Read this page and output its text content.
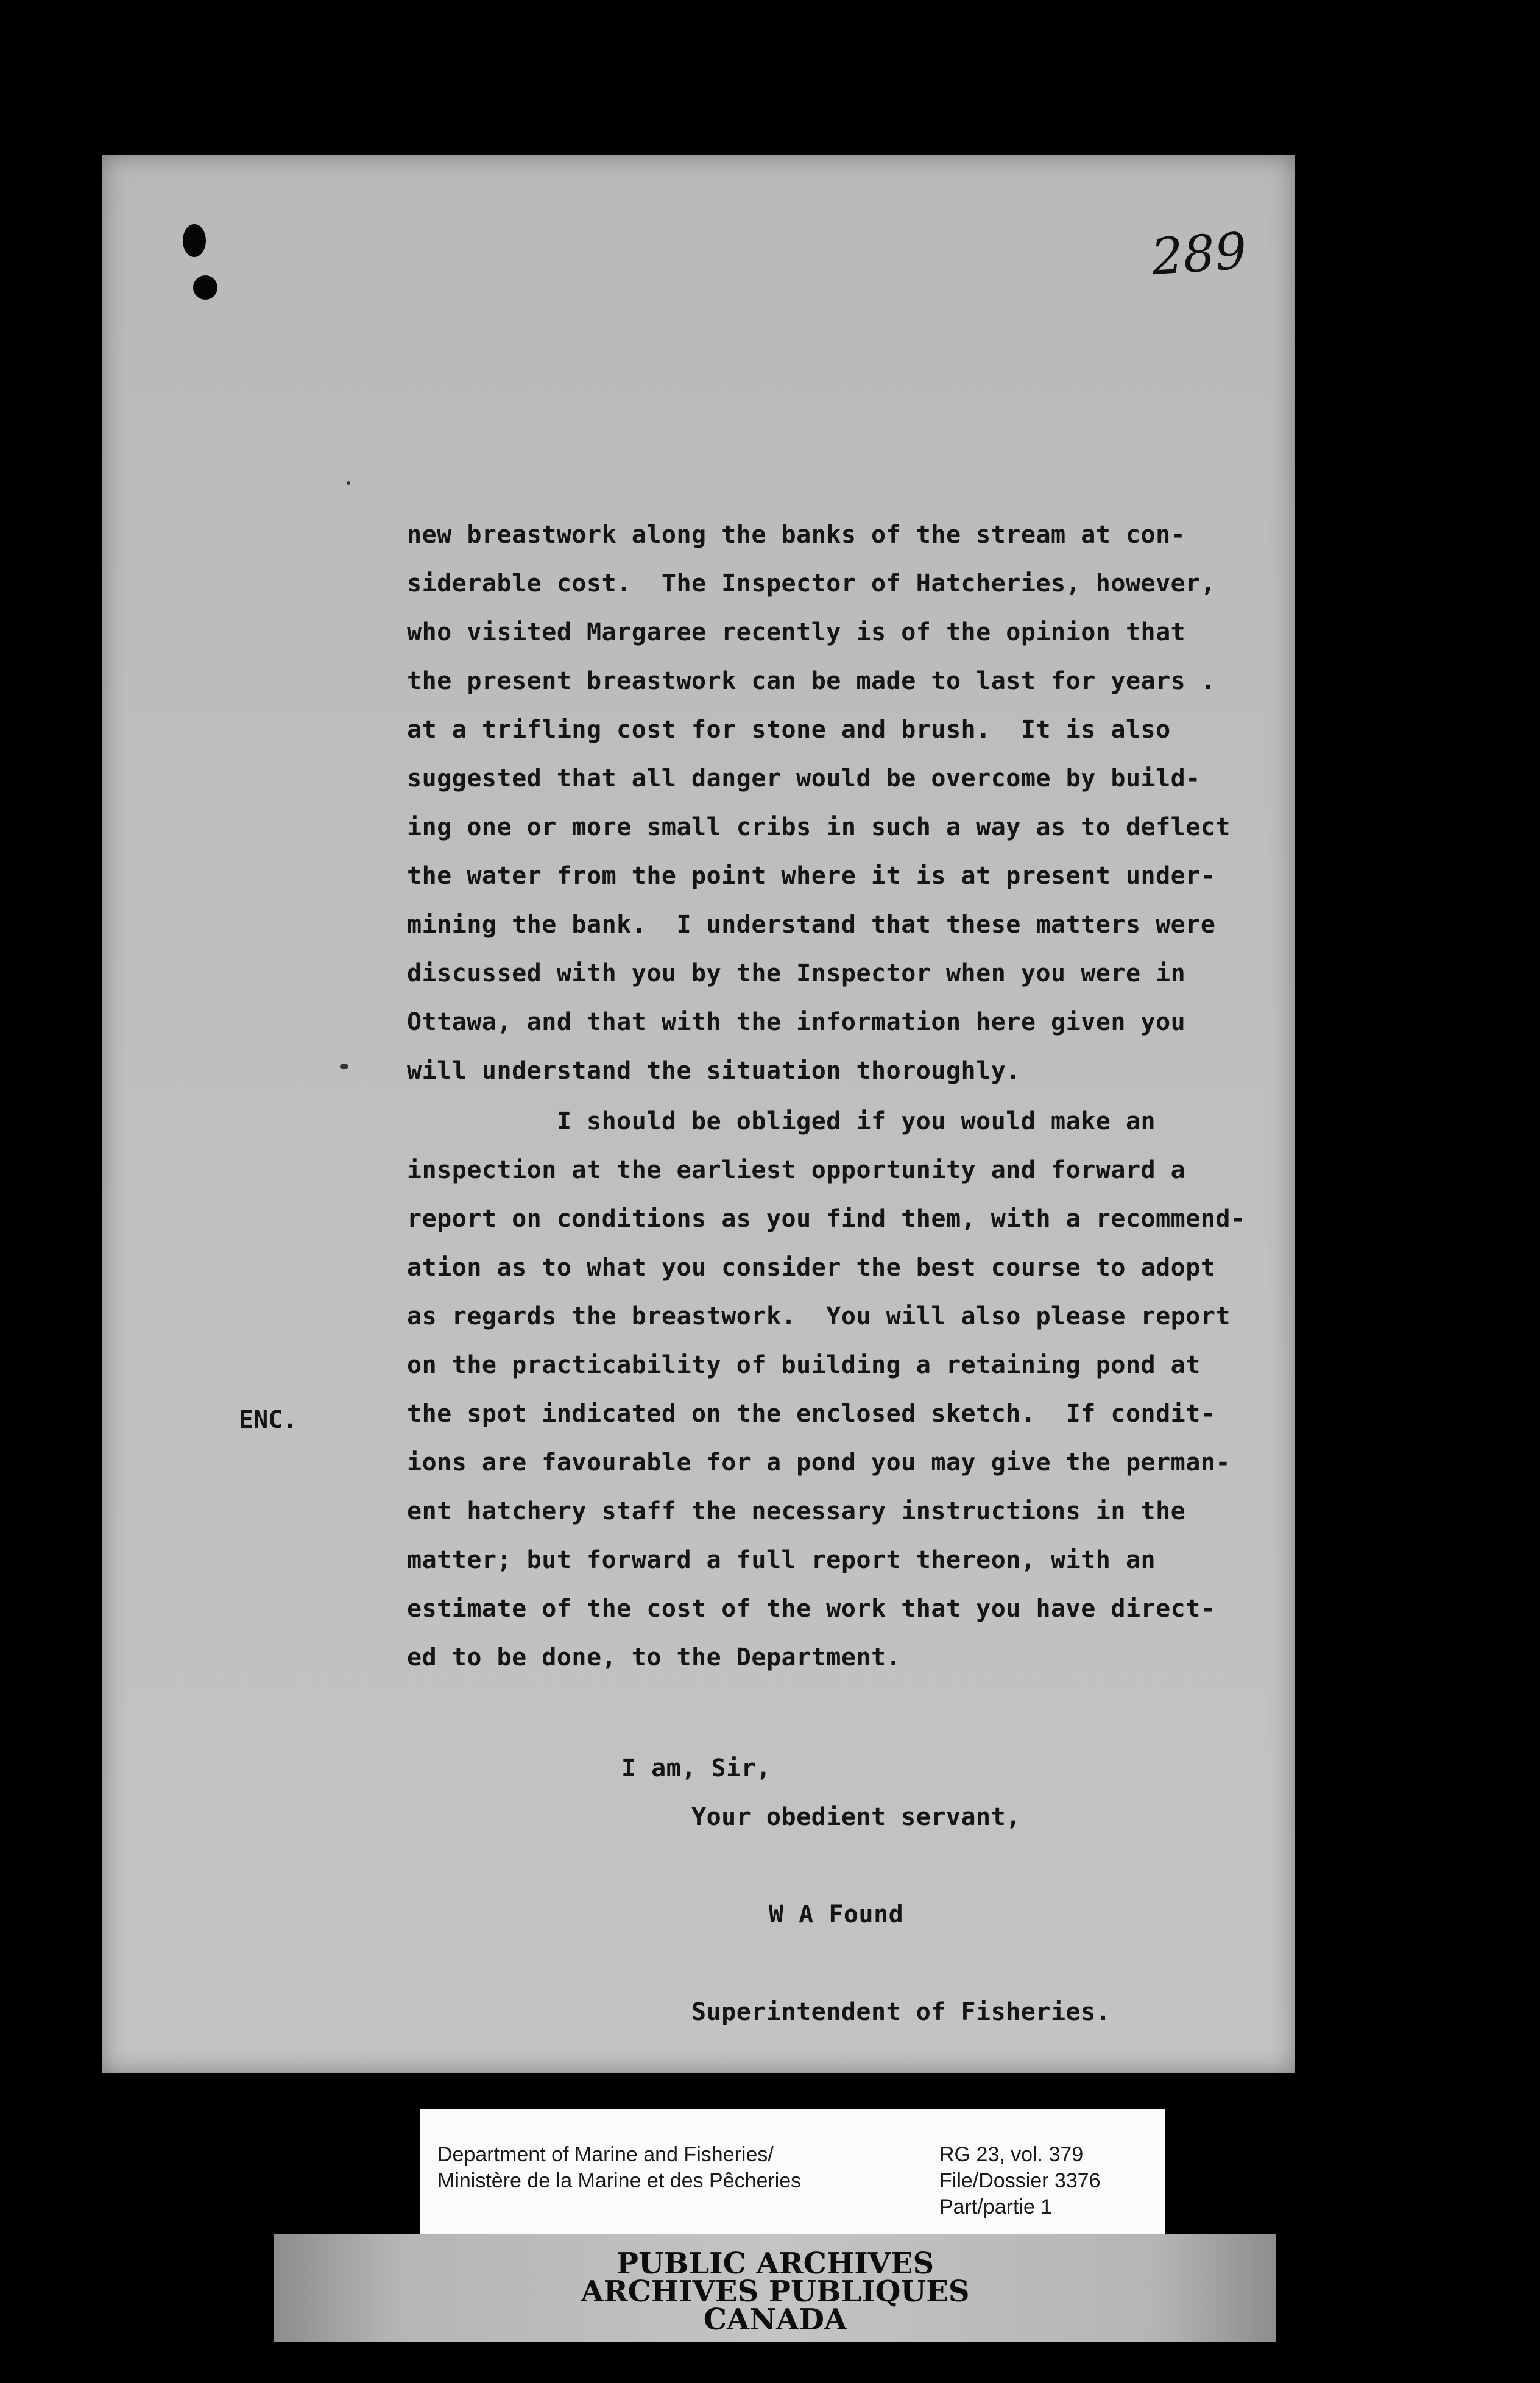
289
new breastwork along the banks of the stream at con-
siderable cost.  The Inspector of Hatcheries, however,
who visited Margaree recently is of the opinion that
the present breastwork can be made to last for years .
at a trifling cost for stone and brush.  It is also
suggested that all danger would be overcome by build-
ing one or more small cribs in such a way as to deflect
the water from the point where it is at present under-
mining the bank.  I understand that these matters were
discussed with you by the Inspector when you were in
Ottawa, and that with the information here given you
will understand the situation thoroughly.
I should be obliged if you would make an
inspection at the earliest opportunity and forward a
report on conditions as you find them, with a recommend-
ation as to what you consider the best course to adopt
as regards the breastwork.  You will also please report
on the practicability of building a retaining pond at
the spot indicated on the enclosed sketch.  If condit-
ions are favourable for a pond you may give the perman-
ent hatchery staff the necessary instructions in the
matter; but forward a full report thereon, with an
estimate of the cost of the work that you have direct-
ed to be done, to the Department.
ENC.
I am, Sir,
Your obedient servant,
W A Found
Superintendent of Fisheries.
Department of Marine and Fisheries/
Ministère de la Marine et des Pêcheries
RG 23, vol. 379
File/Dossier 3376
Part/partie 1
PUBLIC ARCHIVES
ARCHIVES PUBLIQUES
CANADA
